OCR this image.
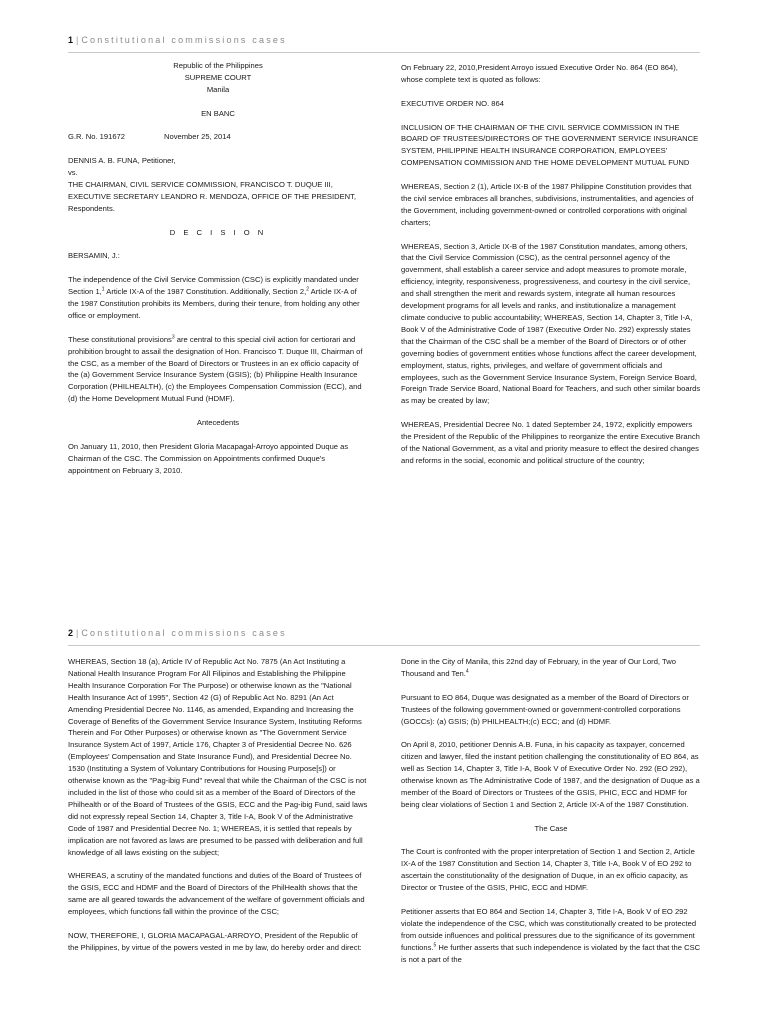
1 | Constitutional commissions cases
Republic of the Philippines
SUPREME COURT
Manila

EN BANC

G.R. No. 191672	November 25, 2014

DENNIS A. B. FUNA, Petitioner,
vs.
THE CHAIRMAN, CIVIL SERVICE COMMISSION, FRANCISCO T. DUQUE III, EXECUTIVE SECRETARY LEANDRO R. MENDOZA, OFFICE OF THE PRESIDENT, Respondents.

D E C I S I O N

BERSAMIN, J.:

The independence of the Civil Service Commission (CSC) is explicitly mandated under Section 1,$^1$ Article IX-A of the 1987 Constitution. Additionally, Section 2,$^2$ Article IX-A of the 1987 Constitution prohibits its Members, during their tenure, from holding any other office or employment.

These constitutional provisions$^3$ are central to this special civil action for certiorari and prohibition brought to assail the designation of Hon. Francisco T. Duque III, Chairman of the CSC, as a member of the Board of Directors or Trustees in an ex officio capacity of the (a) Government Service Insurance System (GSIS); (b) Philippine Health Insurance Corporation (PHILHEALTH), (c) the Employees Compensation Commission (ECC), and (d) the Home Development Mutual Fund (HDMF).

Antecedents

On January 11, 2010, then President Gloria Macapagal-Arroyo appointed Duque as Chairman of the CSC. The Commission on Appointments confirmed Duque's appointment on February 3, 2010.

On February 22, 2010,President Arroyo issued Executive Order No. 864 (EO 864), whose complete text is quoted as follows:

EXECUTIVE ORDER NO. 864

INCLUSION OF THE CHAIRMAN OF THE CIVIL SERVICE COMMISSION IN THE BOARD OF TRUSTEES/DIRECTORS OF THE GOVERNMENT SERVICE INSURANCE SYSTEM, PHILIPPINE HEALTH INSURANCE CORPORATION, EMPLOYEES' COMPENSATION COMMISSION AND THE HOME DEVELOPMENT MUTUAL FUND

WHEREAS, Section 2 (1), Article IX-B of the 1987 Philippine Constitution provides that the civil service embraces all branches, subdivisions, instrumentalities, and agencies of the Government, including government-owned or controlled corporations with original charters;

WHEREAS, Section 3, Article IX-B of the 1987 Constitution mandates, among others, that the Civil Service Commission (CSC), as the central personnel agency of the government, shall establish a career service and adopt measures to promote morale, efficiency, integrity, responsiveness, progressiveness, and courtesy in the civil service, and shall strengthen the merit and rewards system, integrate all human resources development programs for all levels and ranks, and institutionalize a management climate conducive to public accountability; WHEREAS, Section 14, Chapter 3, Title I-A, Book V of the Administrative Code of 1987 (Executive Order No. 292) expressly states that the Chairman of the CSC shall be a member of the Board of Directors or of other governing bodies of government entities whose functions affect the career development, employment, status, rights, privileges, and welfare of government officials and employees, such as the Government Service Insurance System, Foreign Service Board, Foreign Trade Service Board, National Board for Teachers, and such other similar boards as may be created by law;

WHEREAS, Presidential Decree No. 1 dated September 24, 1972, explicitly empowers the President of the Republic of the Philippines to reorganize the entire Executive Branch of the National Government, as a vital and priority measure to effect the desired changes and reforms in the social, economic and political structure of the country;

2 | Constitutional commissions cases

WHEREAS, Section 18 (a), Article IV of Republic Act No. 7875 (An Act Instituting a National Health Insurance Program For All Filipinos and Establishing the Philippine Health Insurance Corporation For The Purpose) or otherwise known as the "National Health Insurance Act of 1995", Section 42 (G) of Republic Act No. 8291 (An Act Amending Presidential Decree No. 1146, as amended, Expanding and Increasing the Coverage of Benefits of the Government Service Insurance System, Instituting Reforms Therein and For Other Purposes) or otherwise known as "The Government Service Insurance System Act of 1997, Article 176, Chapter 3 of Presidential Decree No. 626 (Employees' Compensation and State Insurance Fund), and Presidential Decree No. 1530 (Instituting a System of Voluntary Contributions for Housing Purpose[s]) or otherwise known as the "Pag-ibig Fund" reveal that while the Chairman of the CSC is not included in the list of those who could sit as a member of the Board of Directors of the Philhealth or of the Board of Trustees of the GSIS, ECC and the Pag-ibig Fund, said laws did not expressly repeal Section 14, Chapter 3, Title I-A, Book V of the Administrative Code of 1987 and Presidential Decree No. 1; WHEREAS, it is settled that repeals by implication are not favored as laws are presumed to be passed with deliberation and full knowledge of all laws existing on the subject;

WHEREAS, a scrutiny of the mandated functions and duties of the Board of Trustees of the GSIS, ECC and HDMF and the Board of Directors of the PhilHealth shows that the same are all geared towards the advancement of the welfare of government officials and employees, which functions fall within the province of the CSC;

NOW, THEREFORE, I, GLORIA MACAPAGAL-ARROYO, President of the Republic of the Philippines, by virtue of the powers vested in me by law, do hereby order and direct:

Done in the City of Manila, this 22nd day of February, in the year of Our Lord, Two Thousand and Ten.$^4$

Pursuant to EO 864, Duque was designated as a member of the Board of Directors or Trustees of the following government-owned or government-controlled corporations (GOCCs): (a) GSIS; (b) PHILHEALTH;(c) ECC; and (d) HDMF.

On April 8, 2010, petitioner Dennis A.B. Funa, in his capacity as taxpayer, concerned citizen and lawyer, filed the instant petition challenging the constitutionality of EO 864, as well as Section 14, Chapter 3, Title I-A, Book V of Executive Order No. 292 (EO 292), otherwise known as The Administrative Code of 1987, and the designation of Duque as a member of the Board of Directors or Trustees of the GSIS, PHIC, ECC and HDMF for being clear violations of Section 1 and Section 2, Article IX-A of the 1987 Constitution.

The Case

The Court is confronted with the proper interpretation of Section 1 and Section 2, Article IX-A of the 1987 Constitution and Section 14, Chapter 3, Title I-A, Book V of EO 292 to ascertain the constitutionality of the designation of Duque, in an ex officio capacity, as Director or Trustee of the GSIS, PHIC, ECC and HDMF.

Petitioner asserts that EO 864 and Section 14, Chapter 3, Title I-A, Book V of EO 292 violate the independence of the CSC, which was constitutionally created to be protected from outside influences and political pressures due to the significance of its government functions.$^5$ He further asserts that such independence is violated by the fact that the CSC is not a part of the
